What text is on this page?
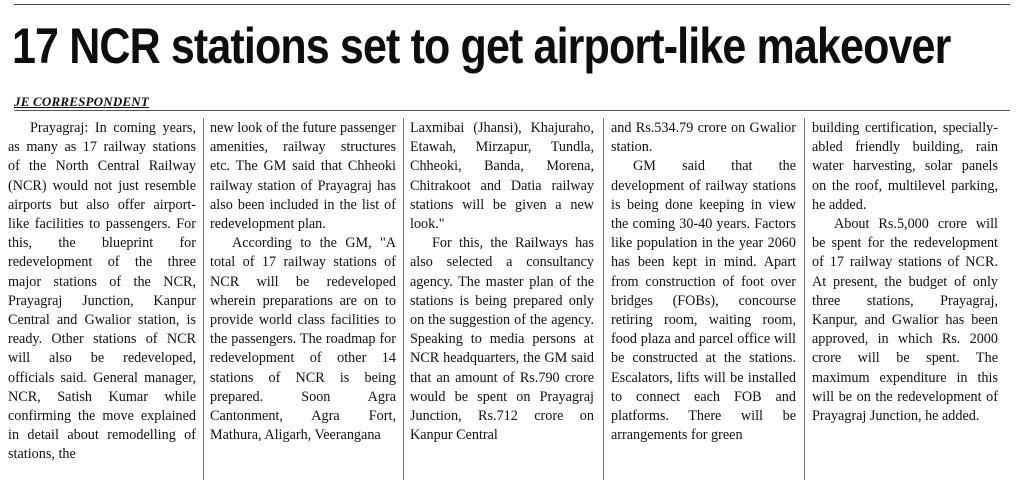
17 NCR stations set to get airport-like makeover
JE CORRESPONDENT

Prayagraj: In coming years, as many as 17 railway stations of the North Central Railway (NCR) would not just resemble airports but also offer airport-like facilities to passengers. For this, the blueprint for redevelopment of the three major stations of the NCR, Prayagraj Junction, Kanpur Central and Gwalior station, is ready. Other stations of NCR will also be redeveloped, officials said. General manager, NCR, Satish Kumar while confirming the move explained in detail about remodelling of stations, the

new look of the future passenger amenities, railway structures etc. The GM said that Chheoki railway station of Prayagraj has also been included in the list of redevelopment plan.

According to the GM, "A total of 17 railway stations of NCR will be redeveloped wherein preparations are on to provide world class facilities to the passengers. The roadmap for redevelopment of other 14 stations of NCR is being prepared. Soon Agra Cantonment, Agra Fort, Mathura, Aligarh, Veerangana

Laxmibai (Jhansi), Khajuraho, Etawah, Mirzapur, Tundla, Chheoki, Banda, Morena, Chitrakoot and Datia railway stations will be given a new look."

For this, the Railways has also selected a consultancy agency. The master plan of the stations is being prepared only on the suggestion of the agency. Speaking to media persons at NCR headquarters, the GM said that an amount of Rs.790 crore would be spent on Prayagraj Junction, Rs.712 crore on Kanpur Central

and Rs.534.79 crore on Gwalior station.

GM said that the development of railway stations is being done keeping in view the coming 30-40 years. Factors like population in the year 2060 has been kept in mind. Apart from construction of foot over bridges (FOBs), concourse retiring room, waiting room, food plaza and parcel office will be constructed at the stations. Escalators, lifts will be installed to connect each FOB and platforms. There will be arrangements for green

building certification, specially-abled friendly building, rain water harvesting, solar panels on the roof, multilevel parking, he added.

About Rs.5,000 crore will be spent for the redevelopment of 17 railway stations of NCR. At present, the budget of only three stations, Prayagraj, Kanpur, and Gwalior has been approved, in which Rs. 2000 crore will be spent. The maximum expenditure in this will be on the redevelopment of Prayagraj Junction, he added.
